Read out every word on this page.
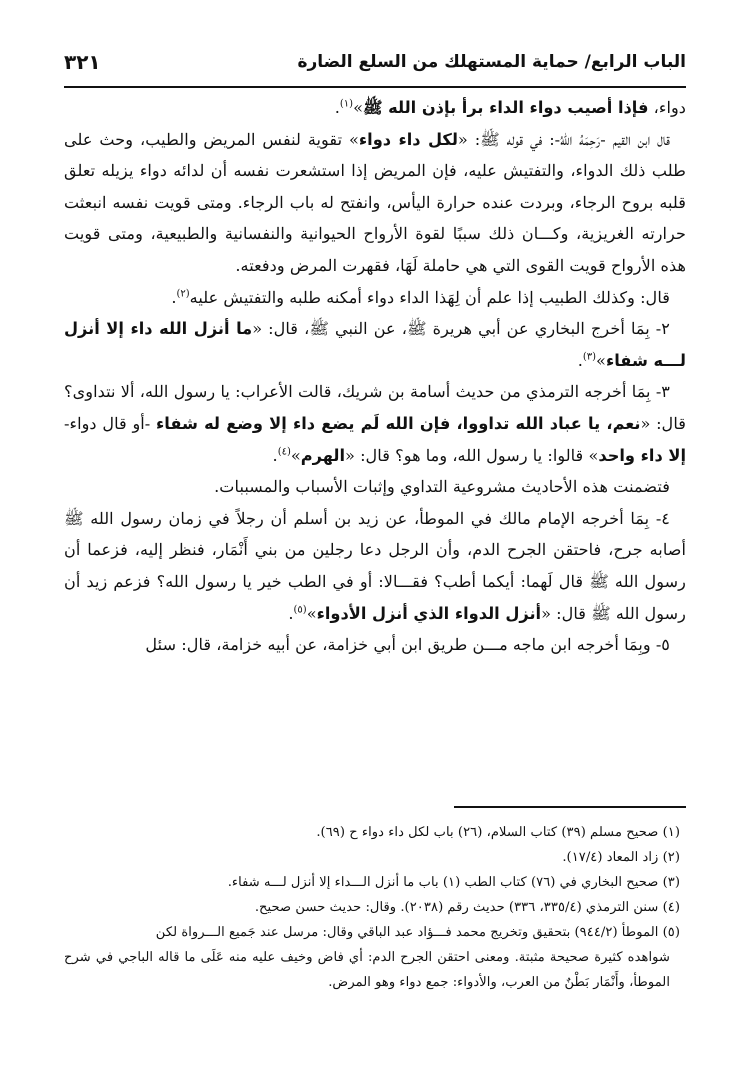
الباب الرابع/ حماية المستهلك من السلع الضارة
٣٢١

دواء، فإذا أصيب دواء الداء برأ بإذن الله ﷺ»$^{(١)}$.

قال ابن القيم -رَحِمَهُ اللهُ-: في قوله ﷺ: «لكل داء دواء» تقوية لنفس المريض والطيب، وحث على طلب ذلك الدواء، والتفتيش عليه، فإن المريض إذا استشعرت نفسه أن لدائه دواء يزيله تعلق قلبه بروح الرجاء، وبردت عنده حرارة اليأس، وانفتح له باب الرجاء. ومتى قويت نفسه انبعثت حرارته الغريزية، وكـــان ذلك سببًا لقوة الأرواح الحيوانية والنفسانية والطبيعية، ومتى قويت هذه الأرواح قويت القوى التي هي حاملة لَهَا، فقهرت المرض ودفعته.

قال: وكذلك الطبيب إذا علم أن لِهَذا الداء دواء أمكنه طلبه والتفتيش عليه$^{(٢)}$.

٢- بِمَا أخرج البخاري عن أبي هريرة ﷺ، عن النبي ﷺ، قال: «ما أنزل الله داء إلا أنزل لـــه شفاء»$^{(٣)}$.

٣- بِمَا أخرجه الترمذي من حديث أسامة بن شريك، قالت الأعراب: يا رسول الله، ألا نتداوى؟ قال: «نعم، يا عباد الله تداووا، فإن الله لَم يضع داء إلا وضع له شفاء -أو قال دواء- إلا داء واحد» قالوا: يا رسول الله، وما هو؟ قال: «الهرم»$^{(٤)}$.

فتضمنت هذه الأحاديث مشروعية التداوي وإثبات الأسباب والمسببات.

٤- بِمَا أخرجه الإمام مالك في الموطأ، عن زيد بن أسلم أن رجلاً في زمان رسول الله ﷺ أصابه جرح، فاحتقن الجرح الدم، وأن الرجل دعا رجلين من بني أَنْمَار، فنظر إليه، فزعما أن رسول الله ﷺ قال لَهما: أيكما أطب؟ فقـــالا: أو في الطب خير يا رسول الله؟ فزعم زيد أن رسول الله ﷺ قال: «أنزل الدواء الذي أنزل الأدواء»$^{(٥)}$.

٥- وبِمَا أخرجه ابن ماجه مـــن طريق ابن أبي خزامة، عن أبيه خزامة، قال: سئل

(١) صحيح مسلم (٣٩) كتاب السلام، (٢٦) باب لكل داء دواء ح (٦٩).

(٢) زاد المعاد (١٧/٤).

(٣) صحيح البخاري في (٧٦) كتاب الطب (١) باب ما أنزل الـــداء إلا أنزل لـــه شفاء.

(٤) سنن الترمذي (٣٣٥/٤، ٣٣٦) حديث رقم (٢٠٣٨). وقال: حديث حسن صحيح.

(٥) الموطأ (٩٤٤/٢) بتحقيق وتخريج محمد فـــؤاد عبد الباقي وقال: مرسل عند جَميع الـــرواة لكن

شواهده كثيرة صحيحة مثبتة. ومعنى احتقن الجرح الدم: أي فاض وخيف عليه منه عَلَى ما قاله الباجي في شرح الموطأ، وأَنْمَار بَطْنٌ من العرب، والأدواء: جمع دواء وهو المرض.
